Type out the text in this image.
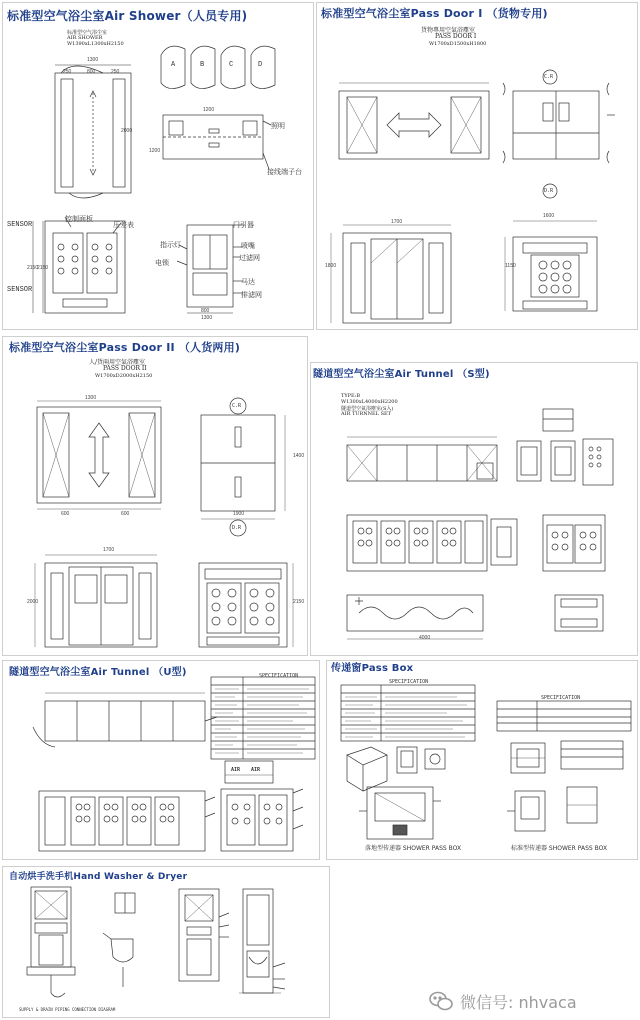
标准型空气浴尘室Air Shower（人员专用)
标准型空气浴尘室
AIR SHOWER
W1390xL1300xH2150
A	B	C	D
照明
接线端子台
控制面板
压差表	门引器
指示灯	喷嘴
电锁
过滤网
马达
排滤网
SENSOR
SENSOR
1300
250	800	250
1200
2150
2150
800
1300
1200
2000
标准型空气浴尘室Pass Door I （货物专用)
貨物專用空氣浴塵室
PASS DOOR I
W1700xD1500xH1800
1700
1800	1150
1600
C.R
D.R
标准型空气浴尘室Pass Door II （人货两用)
人/貨兩用空氣浴塵室
PASS DOOR II
W1700xD2000xH2150
1300
600	600
1400
1900
1700
2000	2150
C.R
D.R
隧道型空气浴尘室Air Tunnel （S型)
TYPE:B
W1300xL4000xH2200
隧道型空氣浴塵室(S入)
AIR TURNNEL SET
4000
隧道型空气浴尘室Air Tunnel （U型)	SPECIFICATION
AIR AIR
传递窗Pass Box
SPECIFICATION
SPECIFICATION
落地型传递器 SHOWER PASS BOX	标准型传递器 SHOWER PASS BOX
自动烘手洗手机Hand Washer & Dryer
SUPPLY & DRAIN PIPING CONNECTION DIAGRAM	微信号: nhvaca
